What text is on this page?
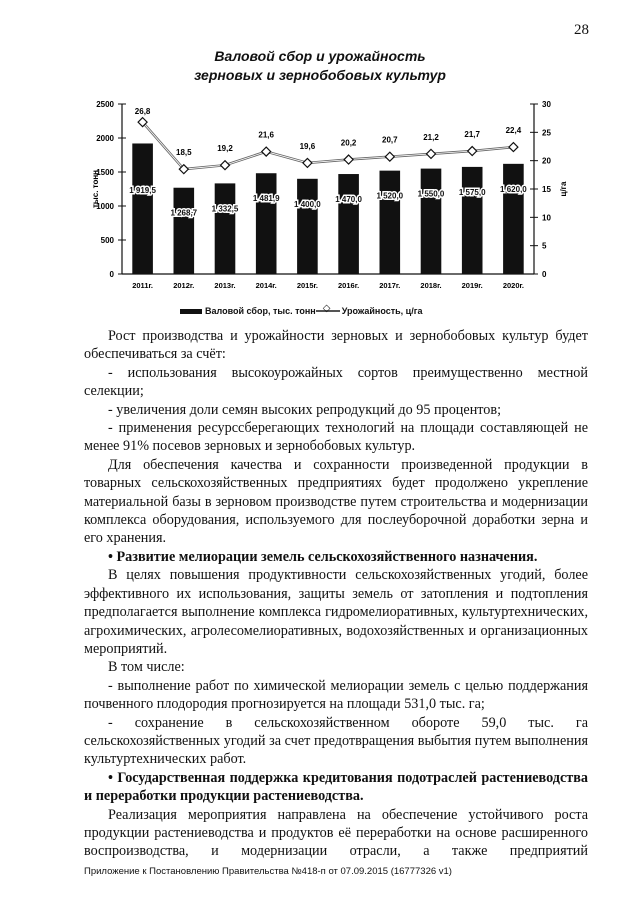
28
Валовой сбор и урожайность
зерновых и зернобобовых культур
0
500
1000
1500
2000
2500
0
5
10
15
20
25
30
тыс. тонн	ц/га
1 919,5
2011г.
1 268,7
2012г.
1 332,5
2013г.
1 481,9
2014г.
1 400,0
2015г.
1 470,0
2016г.
1 520,0
2017г.
1 550,0
2018г.
1 575,0
2019г.
1 620,0
2020г.
26,8
18,5	19,2
21,6
19,6	20,2	20,7	21,2	21,7	22,4
Валовой сбор, тыс. тонн
◇	Урожайность, ц/га

Рост производства и урожайности зерновых и зернобобовых культур будет обеспечиваться за счёт:

- использования высокоурожайных сортов преимущественно местной селекции;

- увеличения доли семян высоких репродукций до 95 процентов;

- применения ресурссберегающих технологий на площади составляющей не менее 91% посевов зерновых и зернобобовых культур.

Для обеспечения качества и сохранности произведенной продукции в товарных сельскохозяйственных предприятиях будет продолжено укрепление материальной базы в зерновом производстве путем строительства и модернизации комплекса оборудования, используемого для послеуборочной доработки зерна и его хранения.

• Развитие мелиорации земель сельскохозяйственного назначения.

В целях повышения продуктивности сельскохозяйственных угодий, более эффективного их использования, защиты земель от затопления и подтопления предполагается выполнение комплекса гидромелиоративных, культуртехнических, агрохимических, агролесомелиоративных, водохозяйственных и организационных мероприятий.

В том числе:

- выполнение работ по химической мелиорации земель с целью поддержания почвенного плодородия прогнозируется на площади 531,0 тыс. га;

- сохранение в сельскохозяйственном обороте 59,0 тыс. га сельскохозяйственных угодий за счет предотвращения выбытия путем выполнения культуртехнических работ.

• Государственная поддержка кредитования подотраслей растениеводства и переработки продукции растениеводства.

Реализация мероприятия направлена на обеспечение устойчивого роста продукции растениеводства и продуктов её переработки на основе расширенного воспроизводства, и модернизации отрасли, а также предприятий

Приложение к Постановлению Правительства №418-п от 07.09.2015 (16777326 v1)
